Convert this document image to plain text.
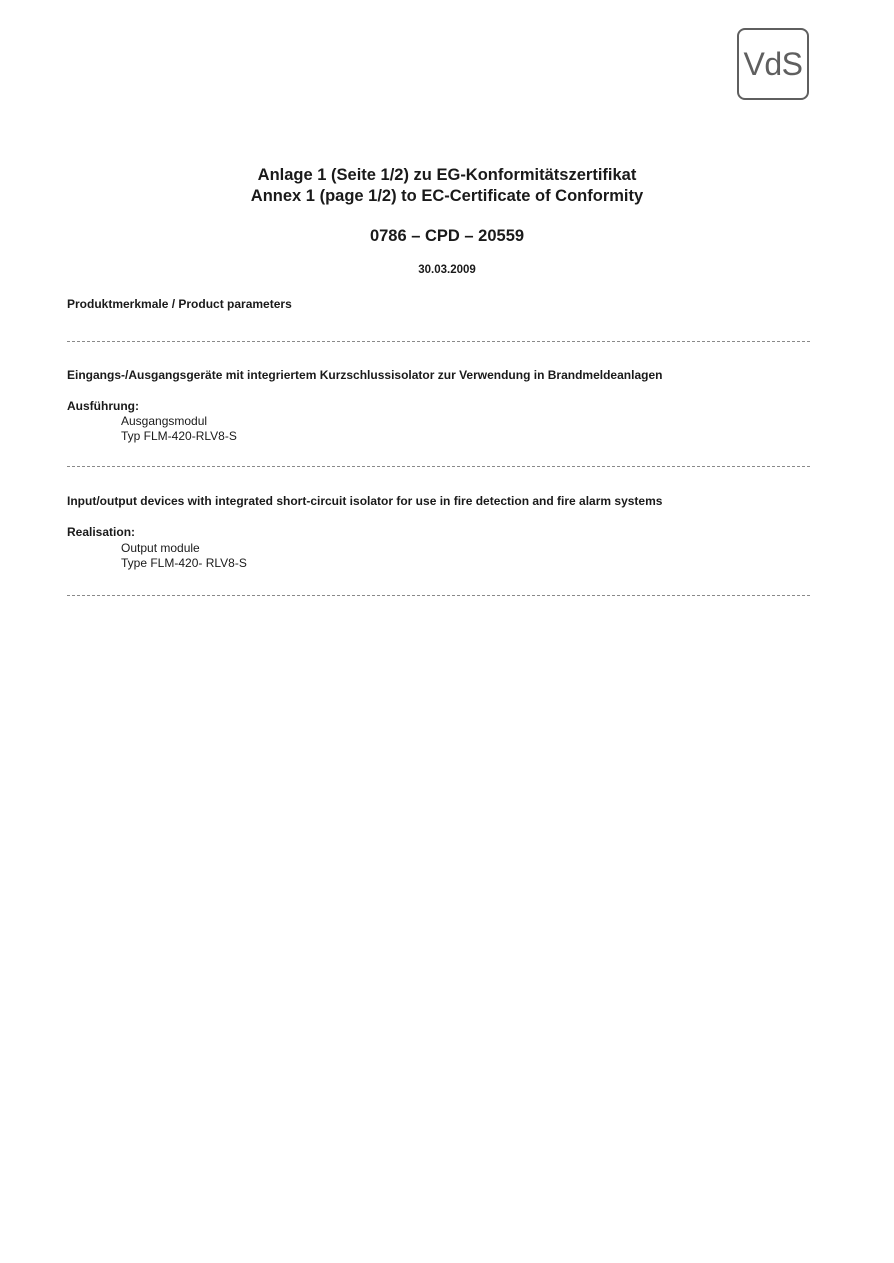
VdS
Anlage 1 (Seite 1/2) zu EG-Konformitätszertifikat
Annex 1 (page 1/2) to EC-Certificate of Conformity
0786 – CPD – 20559
30.03.2009
Produktmerkmale / Product parameters
Eingangs-/Ausgangsgeräte mit integriertem Kurzschlussisolator zur Verwendung in Brandmeldeanlagen
Ausführung:
Ausgangsmodul
Typ FLM-420-RLV8-S
Input/output devices with integrated short-circuit isolator for use in fire detection and fire alarm systems
Realisation:
Output module
Type FLM-420- RLV8-S
